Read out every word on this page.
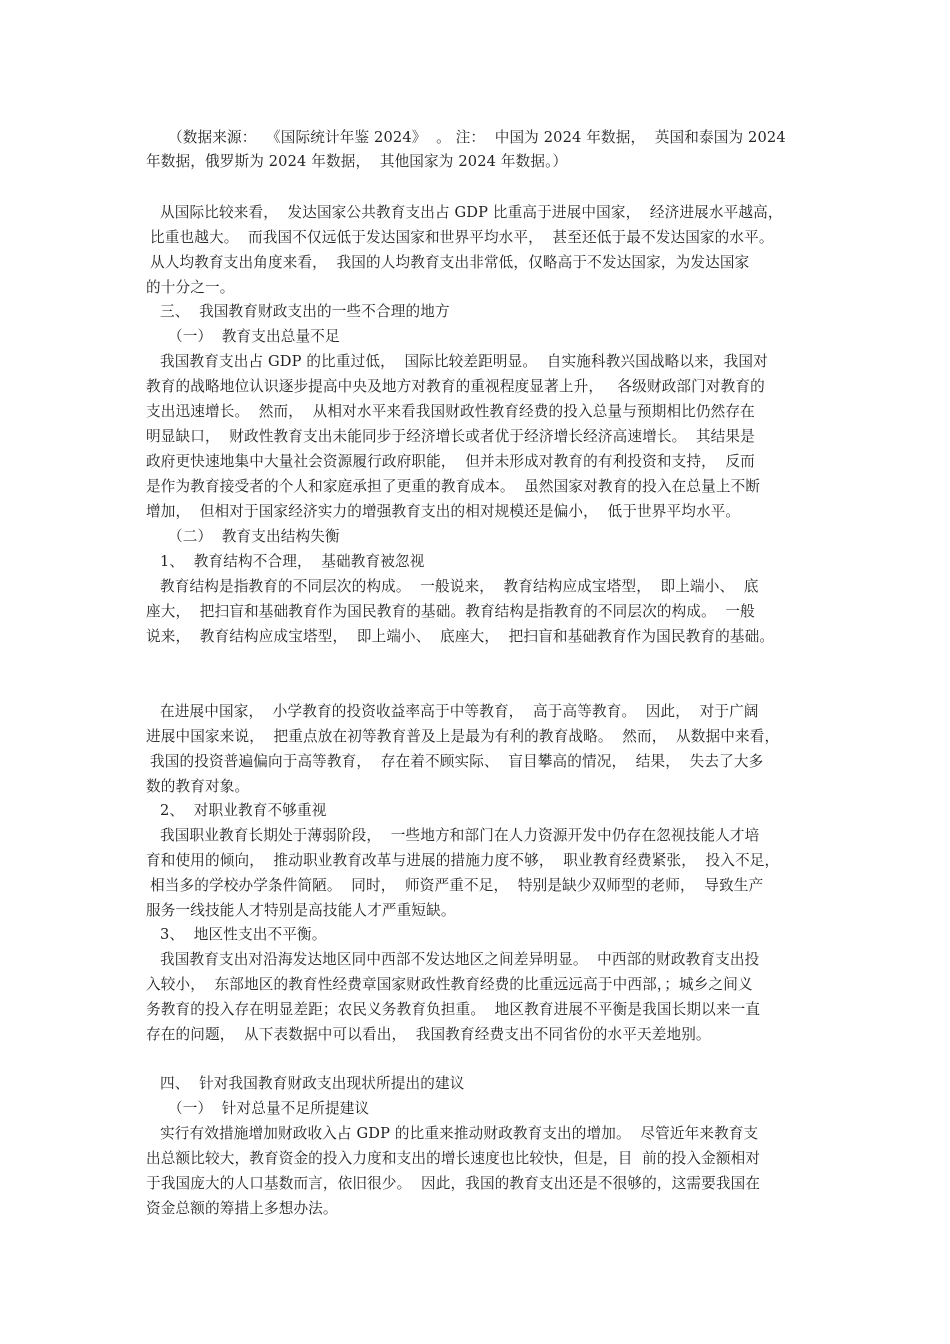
（数据来源：  《国际统计年鉴 2024》  。 注：  中国为 2024 年数据，  英国和泰国为 2024
年数据，俄罗斯为 2024 年数据，  其他国家为 2024 年数据。）
从国际比较来看，  发达国家公共教育支出占 GDP 比重高于进展中国家，  经济进展水平越高，
比重也越大。  而我国不仅远低于发达国家和世界平均水平，  甚至还低于最不发达国家的水平。
从人均教育支出角度来看，  我国的人均教育支出非常低，仅略高于不发达国家，为发达国家
的十分之一。
三、  我国教育财政支出的一些不合理的地方
（一）  教育支出总量不足
我国教育支出占 GDP 的比重过低，  国际比较差距明显。  自实施科教兴国战略以来，我国对
教育的战略地位认识逐步提高中央及地方对教育的重视程度显著上升，   各级财政部门对教育的
支出迅速增长。  然而，  从相对水平来看我国财政性教育经费的投入总量与预期相比仍然存在
明显缺口，  财政性教育支出未能同步于经济增长或者优于经济增长经济高速增长。  其结果是
政府更快速地集中大量社会资源履行政府职能，  但并未形成对教育的有利投资和支持，  反而
是作为教育接受者的个人和家庭承担了更重的教育成本。  虽然国家对教育的投入在总量上不断
增加，  但相对于国家经济实力的增强教育支出的相对规模还是偏小，  低于世界平均水平。
（二）  教育支出结构失衡
1、  教育结构不合理，  基础教育被忽视
教育结构是指教育的不同层次的构成。  一般说来，  教育结构应成宝塔型，  即上端小、  底
座大，  把扫盲和基础教育作为国民教育的基础。教育结构是指教育的不同层次的构成。  一般
说来，  教育结构应成宝塔型，  即上端小、  底座大，  把扫盲和基础教育作为国民教育的基础。
在进展中国家，  小学教育的投资收益率高于中等教育，  高于高等教育。  因此，  对于广阔
进展中国家来说，  把重点放在初等教育普及上是最为有利的教育战略。  然而，  从数据中来看，
我国的投资普遍偏向于高等教育，  存在着不顾实际、  盲目攀高的情况，  结果，  失去了大多
数的教育对象。
2、  对职业教育不够重视
我国职业教育长期处于薄弱阶段，  一些地方和部门在人力资源开发中仍存在忽视技能人才培
育和使用的倾向，  推动职业教育改革与进展的措施力度不够，  职业教育经费紧张，  投入不足，
相当多的学校办学条件简陋。  同时，  师资严重不足，  特别是缺少双师型的老师，  导致生产
服务一线技能人才特别是高技能人才严重短缺。
3、  地区性支出不平衡。
我国教育支出对沿海发达地区同中西部不发达地区之间差异明显。  中西部的财政教育支出投
入较小，  东部地区的教育性经费章国家财政性教育经费的比重远远高于中西部，；城乡之间义
务教育的投入存在明显差距；农民义务教育负担重。  地区教育进展不平衡是我国长期以来一直
存在的问题，  从下表数据中可以看出，  我国教育经费支出不同省份的水平天差地别。
四、  针对我国教育财政支出现状所提出的建议
（一）  针对总量不足所提建议
实行有效措施增加财政收入占 GDP 的比重来推动财政教育支出的增加。  尽管近年来教育支
出总额比较大，教育资金的投入力度和支出的增长速度也比较快，但是，目  前的投入金额相对
于我国庞大的人口基数而言，依旧很少。  因此，我国的教育支出还是不很够的，这需要我国在
资金总额的筹措上多想办法。
